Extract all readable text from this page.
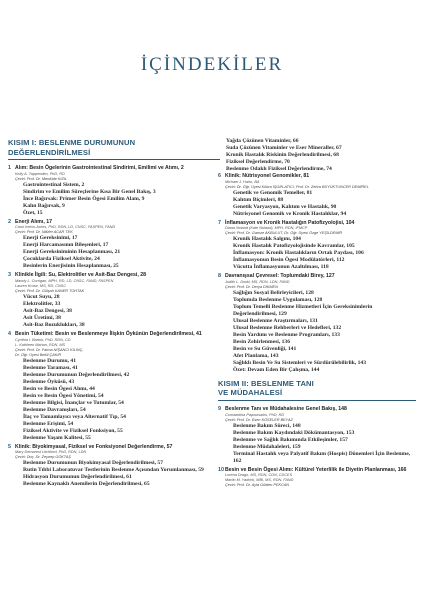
İÇİNDEKİLER
KISIM I: BESLENME DURUMUNUN
DEĞERLENDİRİLMESİ
1 Alım: Besin Ögelerinin Gastrointestinal Sindirimi, Emilimi ve Atımı, 2
Kelly A. Tappenden, PhD, RD
Çeviri: Prof. Dr. Merdüde KIZIL
Gastrointestinal Sistem, 2
Sindirim ve Emilim Süreçlerine Kısa Bir Genel Bakış, 3
İnce Bağırsak: Primer Besin Ögesi Emilim Alanı, 9
Kalın Bağırsak, 9
Özet, 15
2 Enerji Alımı, 17
Carol Ireton-Jones, PhD, RDN, LD, CNSC, FASPEN, FAND
Çeviri: Prof. Dr. Nilüfer ACAR TEK
Enerji Gereksinimi, 17
Enerji Harcamasının Bileşenleri, 17
Enerji Gereksiniminin Hesaplanması, 21
Çocuklarda Fiziksel Aktivite, 24
Besinlerin Enerjisinin Hesaplanması, 25
3 Klinikle İlgili: Su, Elektrolitler ve Asit-Baz Dengesi, 28
Mandy L. Corrigan, MPH, RD, LD, CNSC, FAND, FASPEN
Lauren Kruse, MS, RD, CNSC
Çeviri: Prof. Dr. Gülşah KANER TOHTAK
Vücut Suyu, 28
Elektrolitler, 33
Asit-Baz Dengesi, 38
Asit Üretimi, 38
Asit-Baz Bozuklukları, 38
4 Besin Tüketimi: Besin ve Beslenmeye İlişkin Öykünün Değerlendirilmesi, 41
Cynthia I. Bartok, PhD, RDN, CD
L. Kathleen Mahan, RDN, MS
Çeviri: Prof. Dr. Fatma NİŞANCI KILINÇ,
Dr. Öğr. Üyesi Betül ÇAKIR
Beslenme Durumu, 41
Beslenme Taraması, 41
Beslenme Durumunun Değerlendirilmesi, 42
Beslenme Öyküsü, 43
Besin ve Besin Ögesi Alımı, 44
Besin ve Besin Ögesi Yönetimi, 54
Beslenme Bilgisi, İnançlar ve Tutumlar, 54
Beslenme Davranışları, 54
İlaç ve Tamamlayıcı veya Alternatif Tıp, 54
Beslenme Erişimi, 54
Fiziksel Aktivite ve Fiziksel Fonksiyon, 55
Beslenme Yaşam Kalitesi, 55
5 Klinik: Biyokimyasal, Fiziksel ve Fonksiyonel Değerlendirme, 57
Mary Demarest Litchford, PhD, RDN, LDN
Çeviri: Doç. Dr. Zeynep GÖKTAŞ
Beslenme Durumunun Biyokimyasal Değerlendirilmesi, 57
Rutin Tıbbi Laboratuvar Testlerinin Beslenme Açısından Yorumlanması, 59
Hidrasyon Durumunun Değerlendirilmesi, 61
Beslenme Kaynaklı Anemilerin Değerlendirilmesi, 65
Yağda Çözünen Vitaminler, 66
Suda Çözünen Vitaminler ve Eser Mineraller, 67
Kronik Hastalık Riskinin Değerlendirilmesi, 68
Fiziksel Değerlendirme, 70
Beslenme Odaklı Fiziksel Değerlendirme, 74
6 Klinik: Nütrisyonel Genomikler, 81
Michael J. Hahn, BA
Çeviri: Dr. Öğr. Üyesi Kübra İŞGİN-ATICI, Prof. Dr. Zehra BÜYÜKTUNCER DEMİREL
Genetik ve Genomik Temeller, 81
Kalıtım Biçimleri, 88
Genetik Varyasyon, Kalıtım ve Hastalık, 90
Nütrisyonel Genomik ve Kronik Hastalıklar, 94
7 İnflamasyon ve Kronik Hastalığın Patofizyolojisi, 104
Diana Noland (Kate Noland), MPH, RDN, IFMCP
Çeviri: Prof. Dr. Gamze AKBULUT, Dr. Öğr. Üyesi Özge YEŞİLDEMİR
Kronik Hastalık Salgını, 104
Kronik Hastalık Patofizyolojisinde Kavramlar, 105
İnflamasyon: Kronik Hastalıkların Ortak Paydası, 106
İnflamasyonun Besin Ögesi Modülatörleri, 112
Vücutta İnflamasyonun Azaltılması, 118
8 Davranışsal Çevresel: Toplumdaki Birey, 127
Judith L. Dodd, MS, RDN, LDN, FAND
Çeviri: Prof. Dr. Derya DİKMEN
Sağlığın Sosyal Belirleyicileri, 128
Toplumda Beslenme Uygulaması, 128
Toplum Temelli Beslenme Hizmetleri İçin Gereksinimlerin Değerlendirilmesi, 129
Ulusal Beslenme Araştırmaları, 131
Ulusal Beslenme Rehberleri ve Hedefleri, 132
Besin Yardımı ve Beslenme Programları, 133
Besin Zehirlenmesi, 136
Besin ve Su Güvenliği, 141
Afet Planlama, 143
Sağlıklı Besin Ve Su Sistemleri ve Sürdürülebilirlik, 143
Özet: Devam Eden Bir Çalışma, 144
KISIM II: BESLENME TANI
VE MÜDAHALESİ
9 Beslenme Tanı ve Müdahalesine Genel Bakış, 148
Constantina Papoutsakis, PhD, RD
Çeviri: Prof. Dr. Esen KÖSELER BEYAZ
Beslenme Bakım Süreci, 148
Beslenme Bakım Kaydındaki Dökümantasyon, 153
Beslenme ve Sağlık Bakımında Etkileşimler, 157
Beslenme Müdahaleleri, 159
Terminal Hastalık veya Palyatif Bakım (Hospis) Dönemleri İçin Beslenme, 162
10 Besin ve Besin Ögesi Alımı: Kültürel Yeterlilik ile Diyetin Planlanması, 166
Lorena Drago, MS, RDN, CDN, CDCES
Martin M. Yadrick, MBI, MS, RDN, FAND
Çeviri: Prof. Dr. Ayla Gülden PEKCAN
